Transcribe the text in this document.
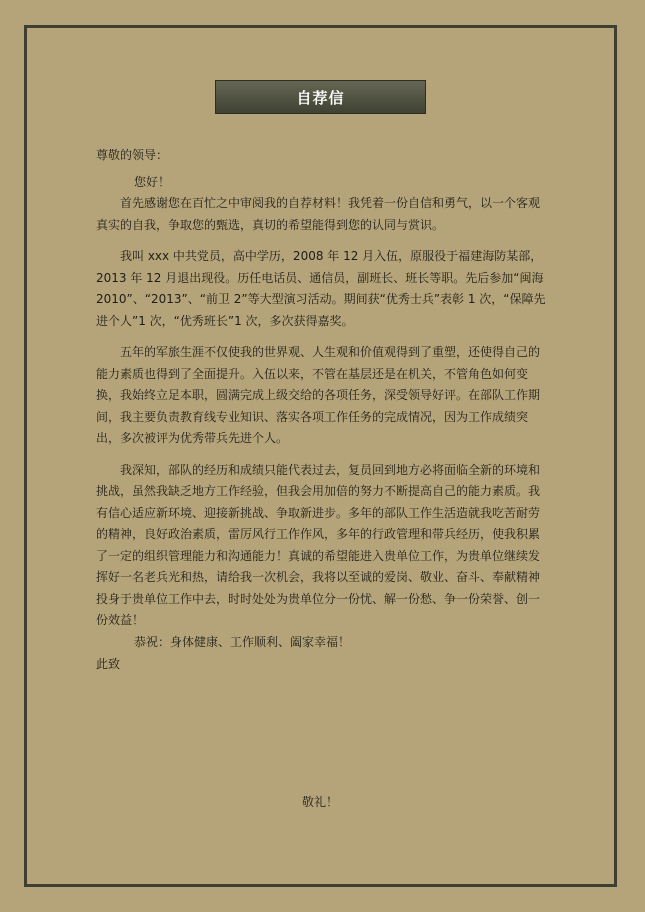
自荐信

尊敬的领导：

您好！

首先感谢您在百忙之中审阅我的自荐材料！我凭着一份自信和勇气，以一个客观真实的自我，争取您的甄选，真切的希望能得到您的认同与赏识。

我叫 xxx 中共党员，高中学历，2008 年 12 月入伍，原服役于福建海防某部，2013 年 12 月退出现役。历任电话员、通信员，副班长、班长等职。先后参加“闽海 2010”、“2013”、“前卫 2”等大型演习活动。期间获“优秀士兵”表彰 1 次，“保障先进个人”1 次，“优秀班长”1 次，多次获得嘉奖。

五年的军旅生涯不仅使我的世界观、人生观和价值观得到了重塑，还使得自己的能力素质也得到了全面提升。入伍以来，不管在基层还是在机关，不管角色如何变换，我始终立足本职，圆满完成上级交给的各项任务，深受领导好评。在部队工作期间，我主要负责教育线专业知识、落实各项工作任务的完成情况，因为工作成绩突出，多次被评为优秀带兵先进个人。

我深知，部队的经历和成绩只能代表过去，复员回到地方必将面临全新的环境和挑战，虽然我缺乏地方工作经验，但我会用加倍的努力不断提高自己的能力素质。我有信心适应新环境、迎接新挑战、争取新进步。多年的部队工作生活造就我吃苦耐劳的精神，良好政治素质，雷厉风行工作作风，多年的行政管理和带兵经历，使我积累了一定的组织管理能力和沟通能力！真诚的希望能进入贵单位工作，为贵单位继续发挥好一名老兵光和热，请给我一次机会，我将以至诚的爱岗、敬业、奋斗、奉献精神投身于贵单位工作中去，时时处处为贵单位分一份忧、解一份愁、争一份荣誉、创一份效益！

恭祝：身体健康、工作顺利、阖家幸福！

此致

敬礼！
